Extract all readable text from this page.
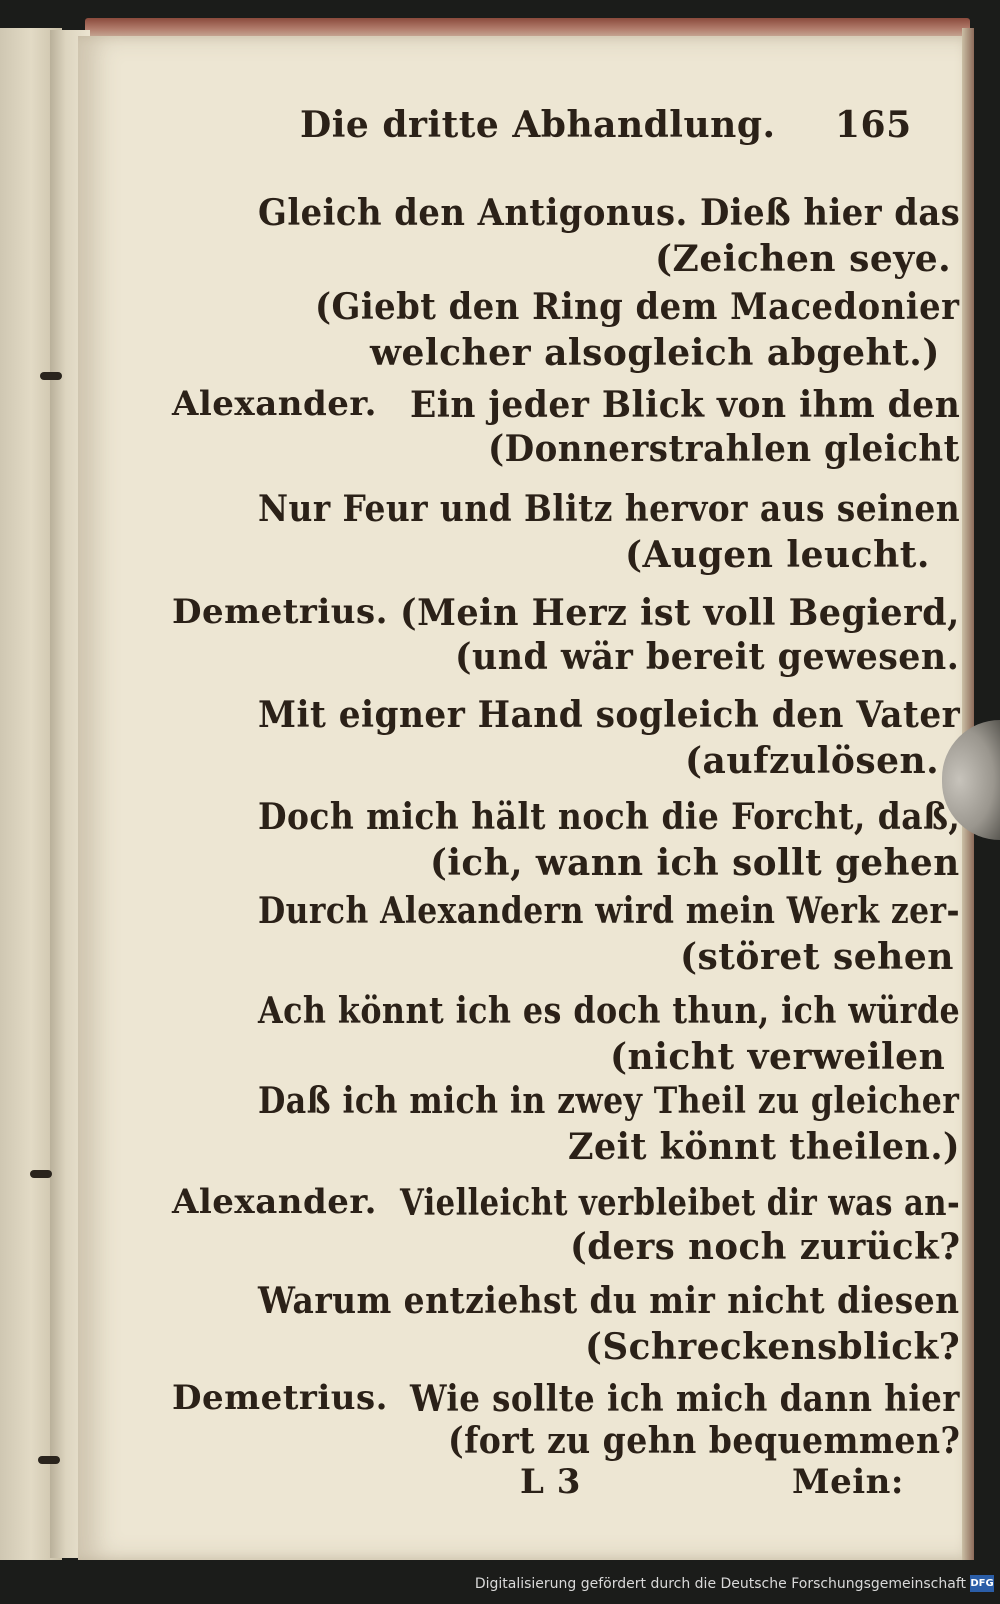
Die dritte Abhandlung. 165
Gleich den Antigonus. Dieß hier das
(Zeichen seye.
(Giebt den Ring dem Macedonier
welcher alsogleich abgeht.)
Alexander. Ein jeder Blick von ihm den
(Donnerstrahlen gleicht
Nur Feur und Blitz hervor aus seinen
(Augen leucht.
Demetrius. (Mein Herz ist voll Begierd,
(und wär bereit gewesen.
Mit eigner Hand sogleich den Vater
(aufzulösen.
Doch mich hält noch die Forcht, daß,
(ich, wann ich sollt gehen
Durch Alexandern wird mein Werk zer-
(störet sehen
Ach könnt ich es doch thun, ich würde
(nicht verweilen
Daß ich mich in zwey Theil zu gleicher
Zeit könnt theilen.)
Alexander. Vielleicht verbleibet dir was an-
(ders noch zurück?
Warum entziehst du mir nicht diesen
(Schreckensblick?
Demetrius. Wie sollte ich mich dann hier
(fort zu gehn bequemmen?
L 3	Mein:
Digitalisierung gefördert durch die Deutsche Forschungsgemeinschaft DFG
